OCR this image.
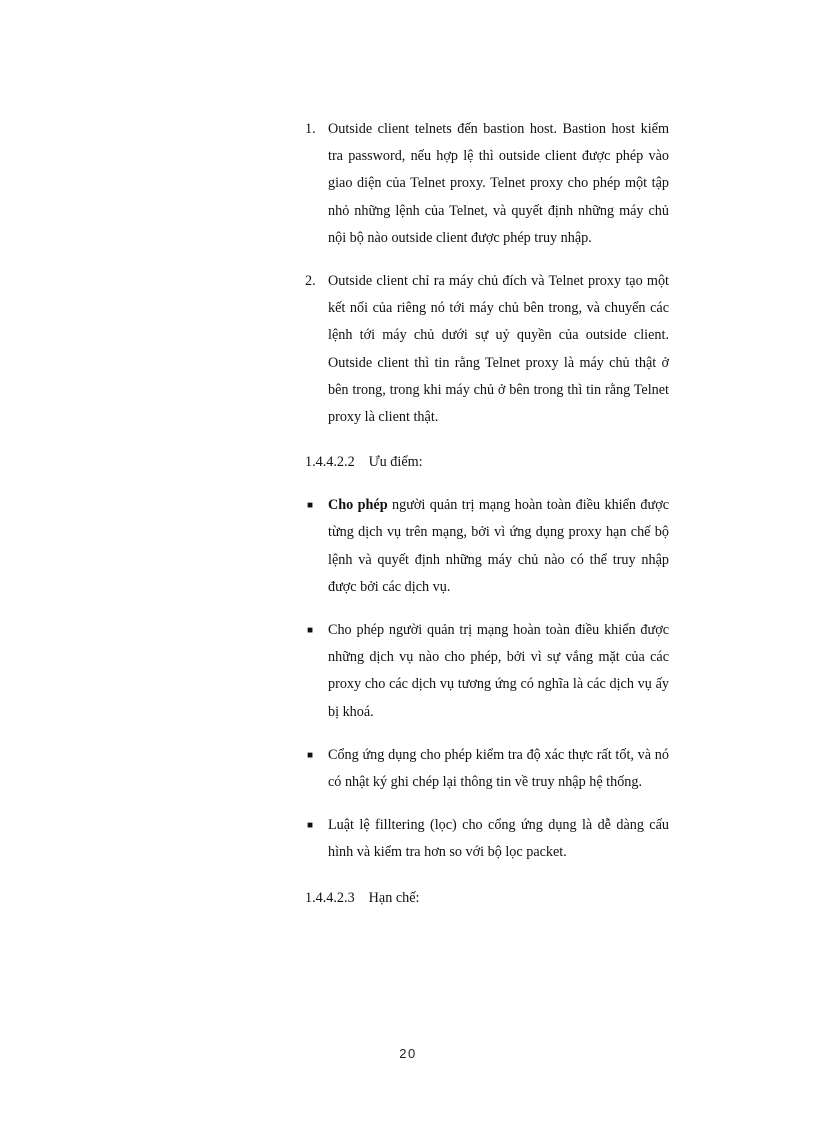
1. Outside client telnets đến bastion host. Bastion host kiểm tra password, nếu hợp lệ thì outside client được phép vào giao diện của Telnet proxy. Telnet proxy cho phép một tập nhỏ những lệnh của Telnet, và quyết định những máy chủ nội bộ nào outside client được phép truy nhập.
2. Outside client chỉ ra máy chủ đích và Telnet proxy tạo một kết nối của riêng nó tới máy chủ bên trong, và chuyển các lệnh tới máy chủ dưới sự uỷ quyền của outside client. Outside client thì tin rằng Telnet proxy là máy chủ thật ở bên trong, trong khi máy chủ ở bên trong thì tin rằng Telnet proxy là client thật.
1.4.4.2.2 Ưu điểm:
■ Cho phép người quản trị mạng hoàn toàn điều khiển được từng dịch vụ trên mạng, bởi vì ứng dụng proxy hạn chế bộ lệnh và quyết định những máy chủ nào có thể truy nhập được bởi các dịch vụ.
■ Cho phép người quản trị mạng hoàn toàn điều khiển được những dịch vụ nào cho phép, bởi vì sự vắng mặt của các proxy cho các dịch vụ tương ứng có nghĩa là các dịch vụ ấy bị khoá.
■ Cổng ứng dụng cho phép kiểm tra độ xác thực rất tốt, và nó có nhật ký ghi chép lại thông tin về truy nhập hệ thống.
■ Luật lệ filltering (lọc) cho cổng ứng dụng là dễ dàng cấu hình và kiểm tra hơn so với bộ lọc packet.
1.4.4.2.3 Hạn chế:
20
